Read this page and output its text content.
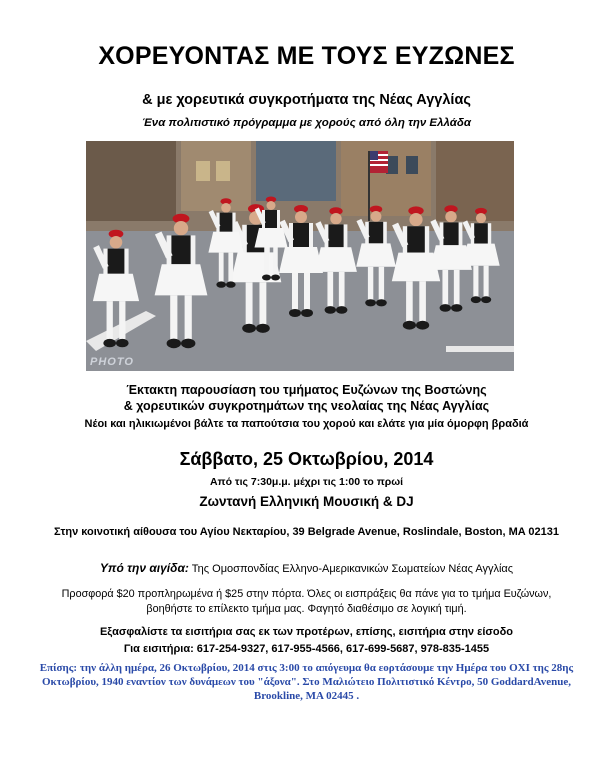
ΧΟΡΕΥΟΝΤΑΣ ΜΕ ΤΟΥΣ ΕΥΖΩΝΕΣ
& με χορευτικά συγκροτήματα της Νέας Αγγλίας
Ένα πολιτιστικό πρόγραμμα με χορούς από όλη την Ελλάδα
PHOTO
Έκτακτη παρουσίαση του τμήματος Ευζώνων της Βοστώνης
& χορευτικών συγκροτημάτων της νεολαίας της Νέας Αγγλίας
Νέοι και ηλικιωμένοι βάλτε τα παπούτσια του χορού και ελάτε για μία όμορφη βραδιά
Σάββατο, 25 Οκτωβρίου, 2014
Από τις 7:30μ.μ. μέχρι τις 1:00 το πρωί
Ζωντανή Ελληνική Μουσική & DJ
Στην κοινοτική αίθουσα του Αγίου Νεκταρίου, 39 Belgrade Avenue, Roslindale, Boston, MA 02131
Υπό την αιγίδα: Της Ομοσπονδίας Ελληνο-Αμερικανικών Σωματείων Νέας Αγγλίας
Προσφορά $20 προπληρωμένα ή $25 στην πόρτα. Όλες οι εισπράξεις θα πάνε για το τμήμα Ευζώνων, βοηθήστε το επίλεκτο τμήμα μας. Φαγητό διαθέσιμο σε λογική τιμή.
Εξασφαλίστε τα εισιτήρια σας εκ των προτέρων, επίσης, εισιτήρια στην είσοδο
Για εισιτήρια: 617-254-9327, 617-955-4566, 617-699-5687, 978-835-1455
Επίσης: την άλλη ημέρα, 26 Οκτωβρίου, 2014 στις 3:00 το απόγευμα θα εορτάσουμε την Ημέρα του ΟΧΙ της 28ης Οκτωβρίου, 1940 εναντίον των δυνάμεων του "άξονα". Στο Μαλιώτειο Πολιτιστικό Κέντρο, 50 GoddardAvenue, Brookline, MA 02445 .
